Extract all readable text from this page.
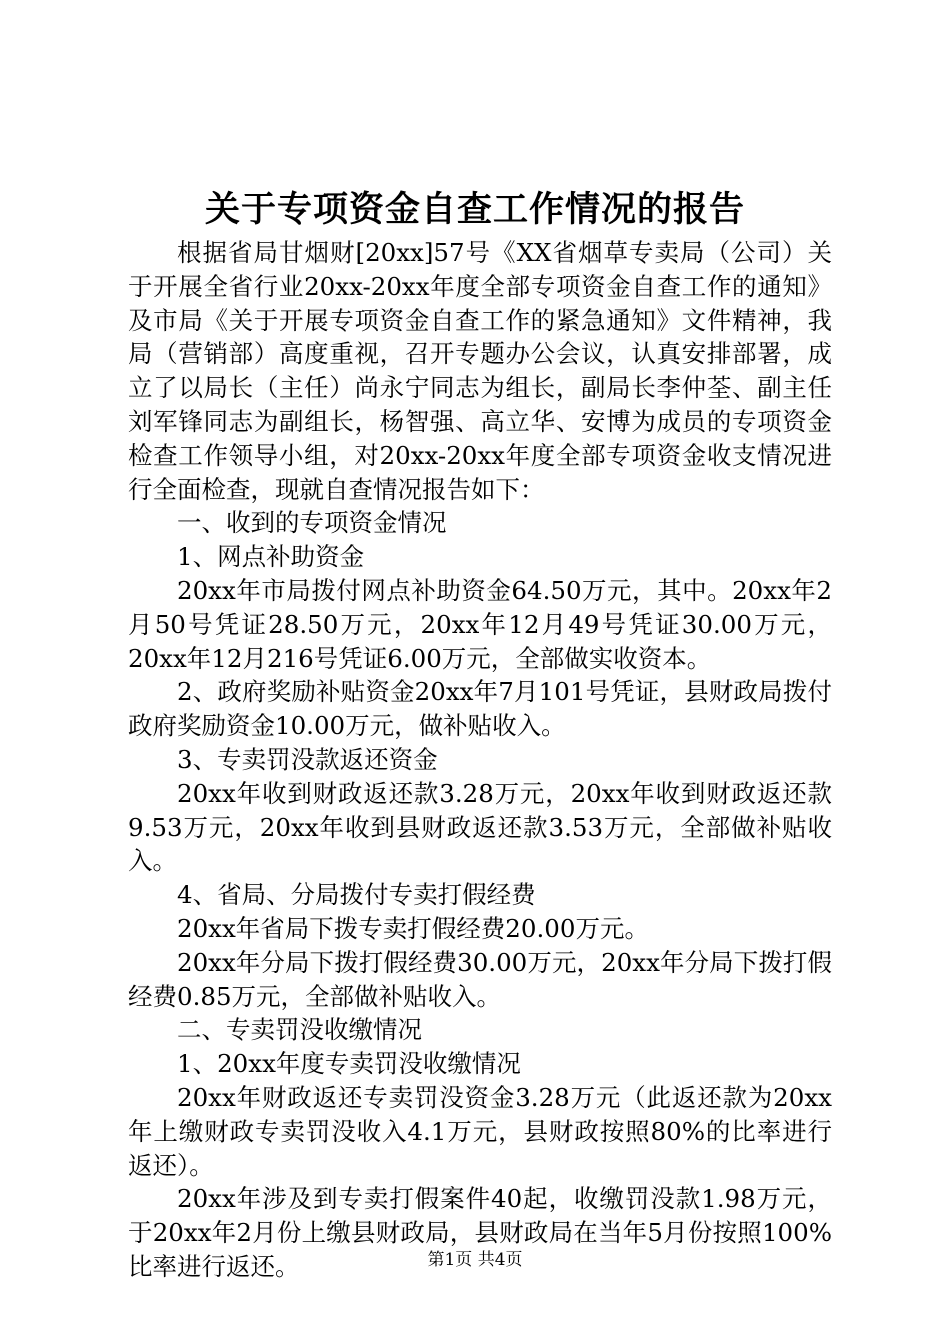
关于专项资金自查工作情况的报告

根据省局甘烟财[20xx]57号《XX省烟草专卖局（公司）关于开展全省行业20xx-20xx年度全部专项资金自查工作的通知》及市局《关于开展专项资金自查工作的紧急通知》文件精神，我局（营销部）高度重视，召开专题办公会议，认真安排部署，成立了以局长（主任）尚永宁同志为组长，副局长李仲荃、副主任刘军锋同志为副组长，杨智强、高立华、安博为成员的专项资金检查工作领导小组，对20xx-20xx年度全部专项资金收支情况进行全面检查，现就自查情况报告如下：

一、收到的专项资金情况

1、网点补助资金

20xx年市局拨付网点补助资金64.50万元，其中。20xx年2月50号凭证28.50万元，20xx年12月49号凭证30.00万元，20xx年12月216号凭证6.00万元，全部做实收资本。

2、政府奖励补贴资金20xx年7月101号凭证，县财政局拨付政府奖励资金10.00万元，做补贴收入。

3、专卖罚没款返还资金

20xx年收到财政返还款3.28万元，20xx年收到财政返还款9.53万元，20xx年收到县财政返还款3.53万元，全部做补贴收入。

4、省局、分局拨付专卖打假经费

20xx年省局下拨专卖打假经费20.00万元。

20xx年分局下拨打假经费30.00万元，20xx年分局下拨打假经费0.85万元，全部做补贴收入。

二、专卖罚没收缴情况

1、20xx年度专卖罚没收缴情况

20xx年财政返还专卖罚没资金3.28万元（此返还款为20xx年上缴财政专卖罚没收入4.1万元，县财政按照80%的比率进行返还）。

20xx年涉及到专卖打假案件40起，收缴罚没款1.98万元，于20xx年2月份上缴县财政局，县财政局在当年5月份按照100%比率进行返还。	第1页 共4页
